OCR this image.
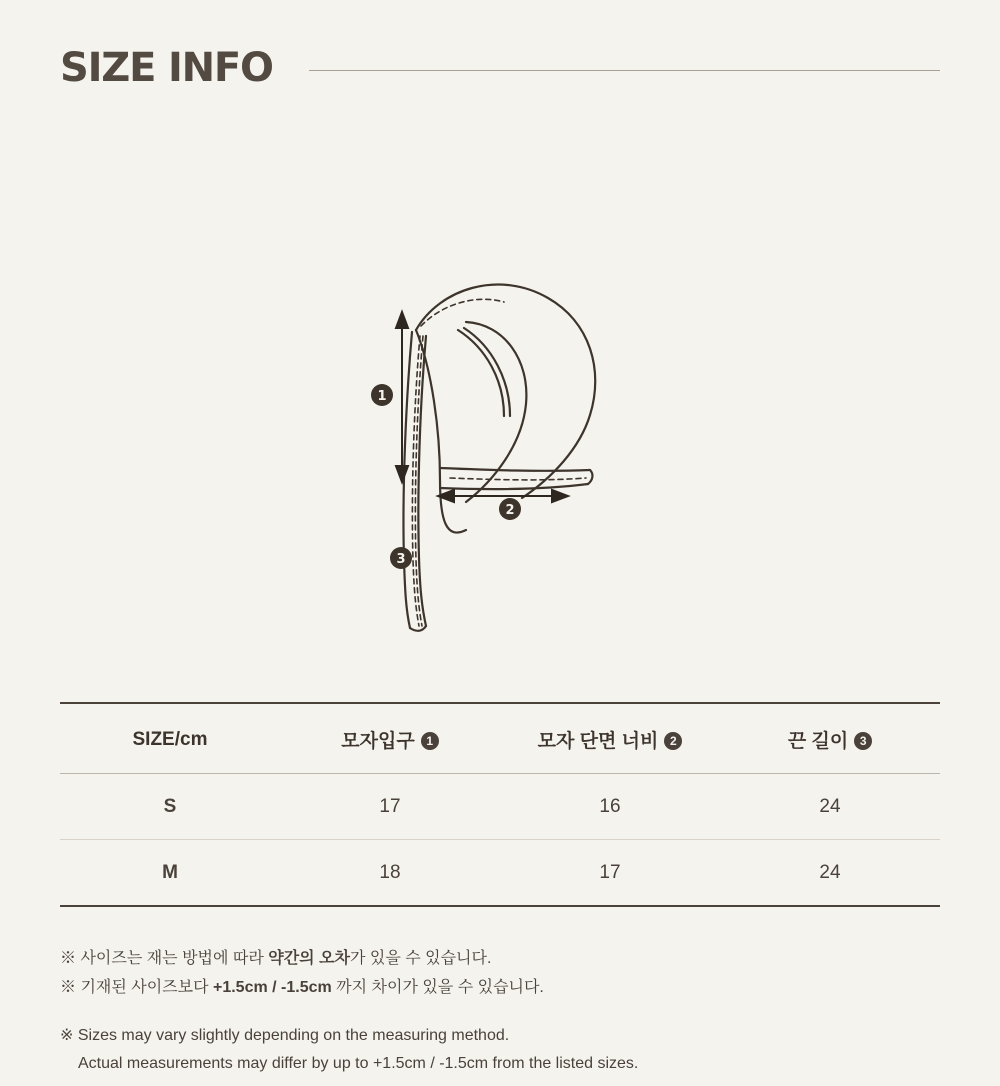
SIZE INFO
1
2
3
SIZE/cm	모자입구 1	모자 단면 너비 2	끈 길이 3
S	17	16	24
M	18	17	24
※ 사이즈는 재는 방법에 따라 약간의 오차가 있을 수 있습니다.
※ 기재된 사이즈보다 +1.5cm / -1.5cm 까지 차이가 있을 수 있습니다.
※ Sizes may vary slightly depending on the measuring method.
Actual measurements may differ by up to +1.5cm / -1.5cm from the listed sizes.
